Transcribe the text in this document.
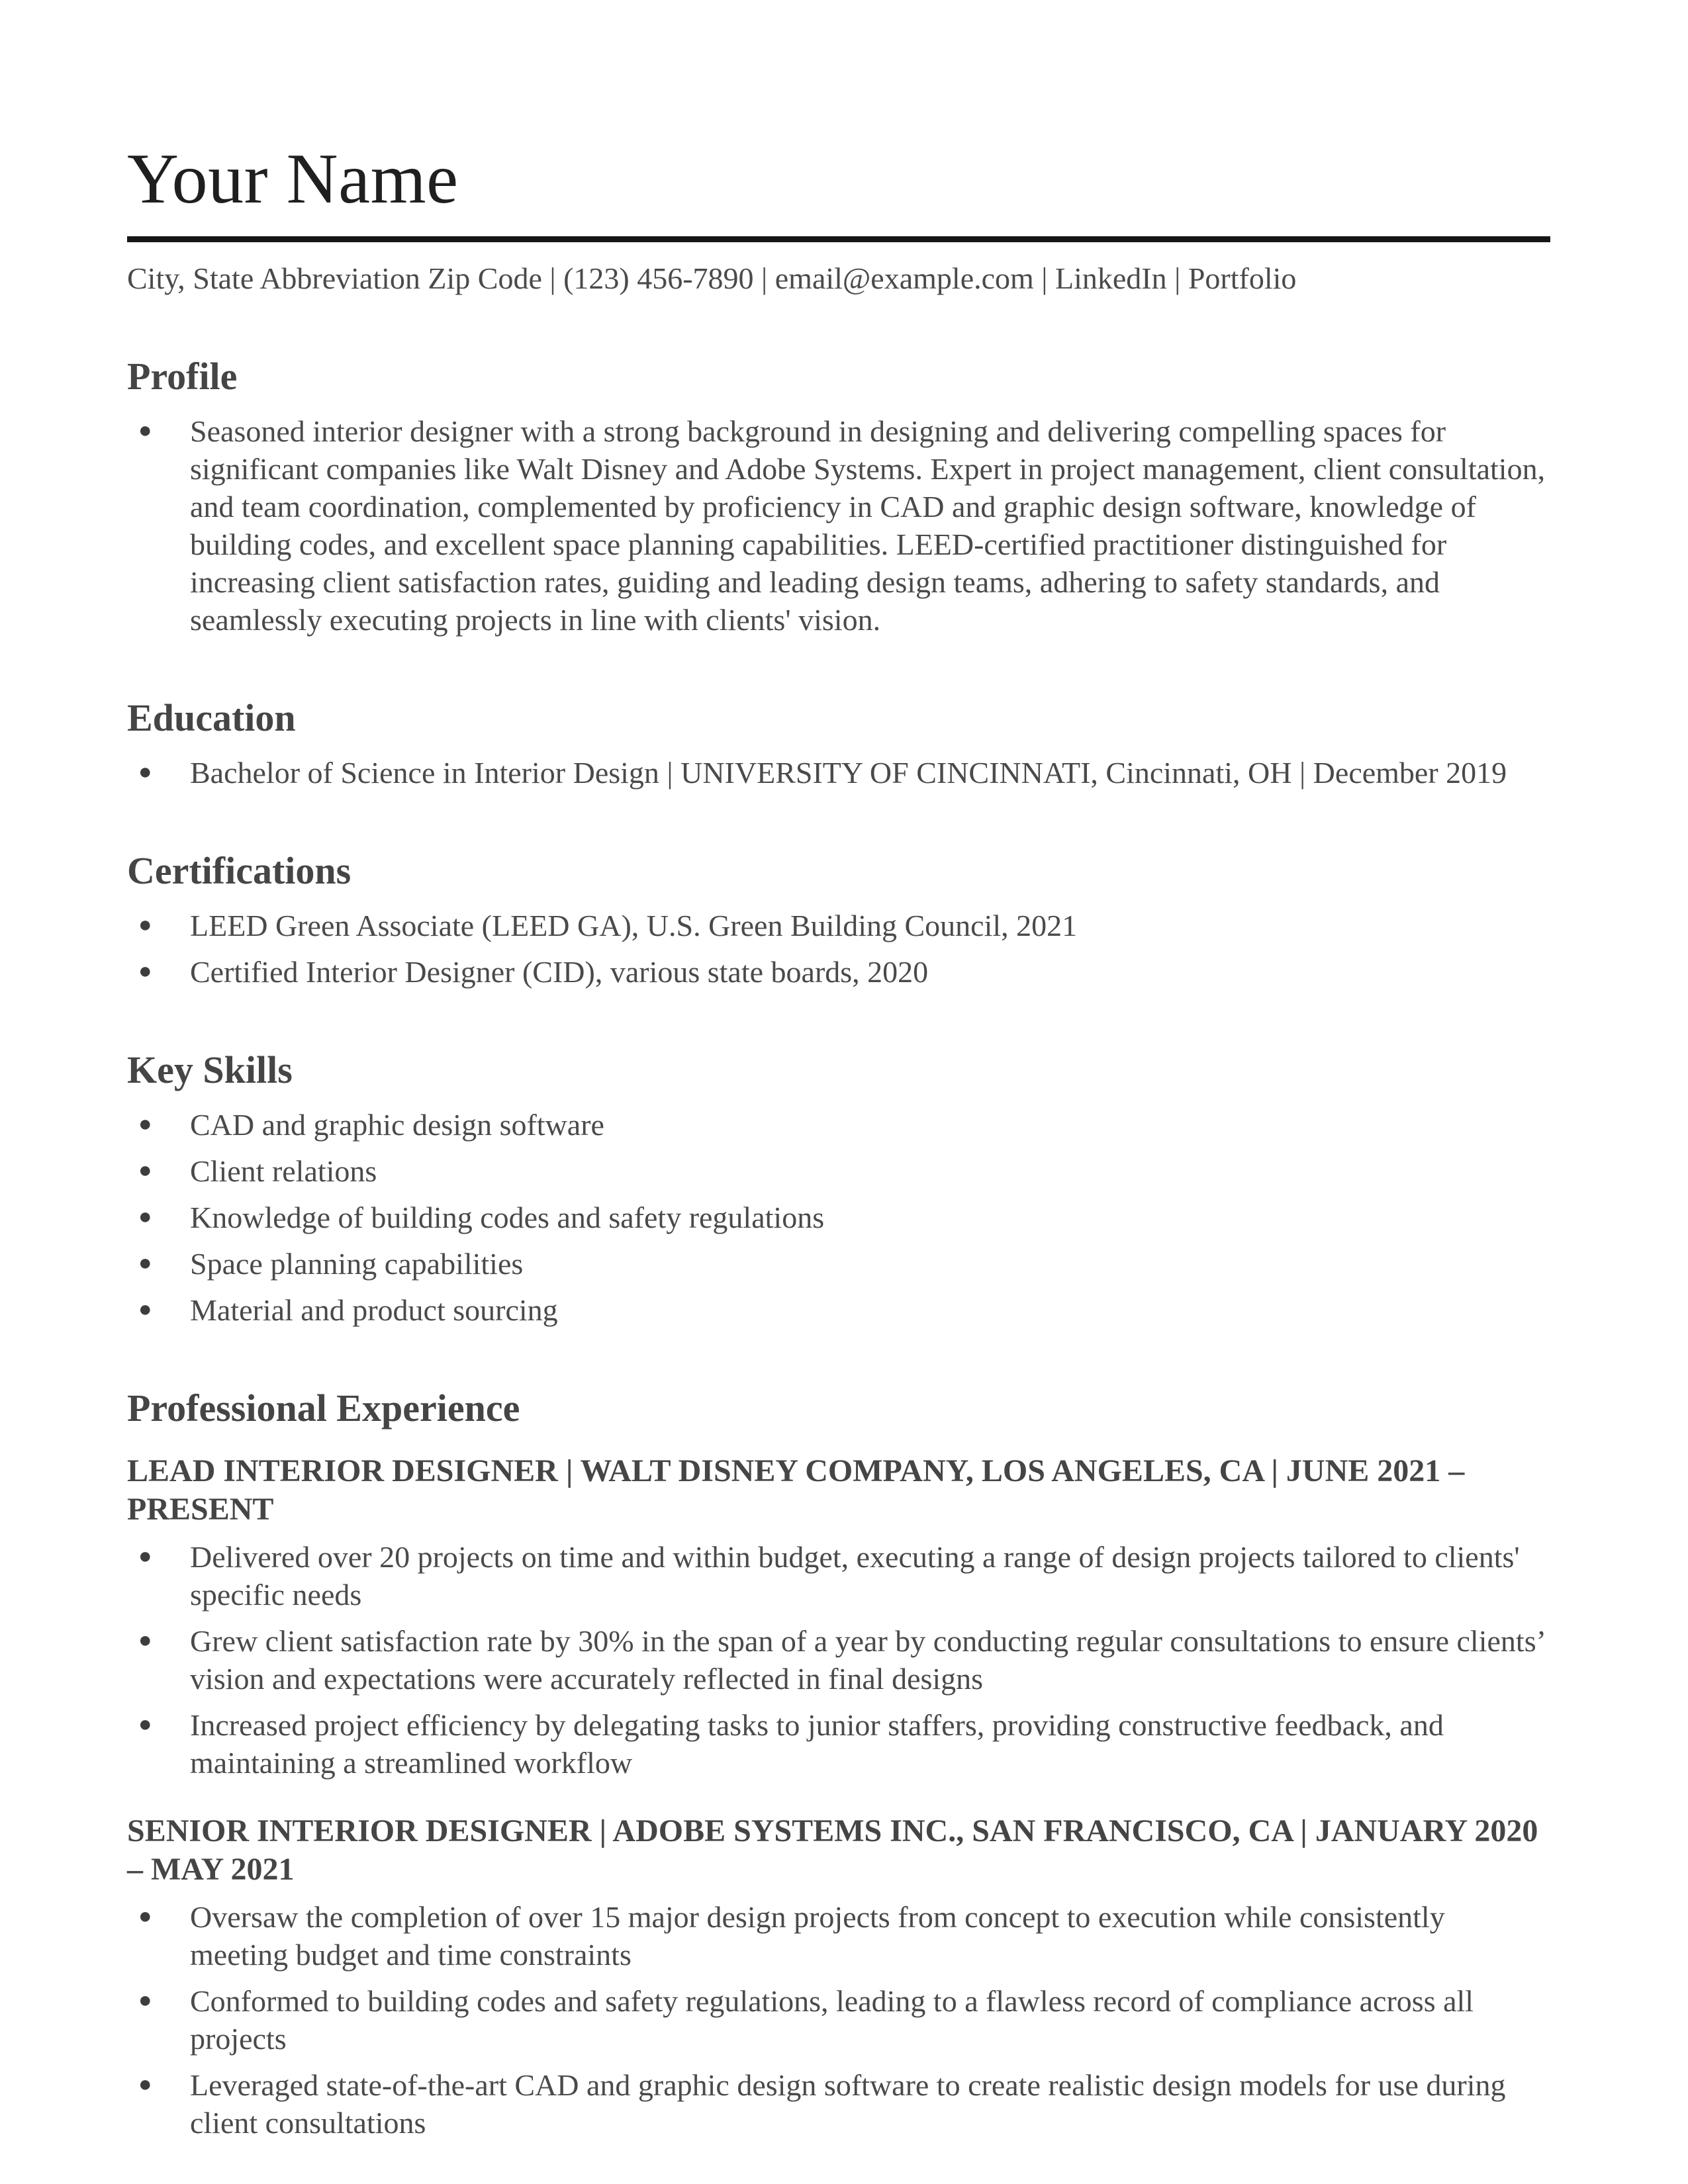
Your Name
City, State Abbreviation Zip Code | (123) 456-7890 | email@example.com | LinkedIn | Portfolio
Profile
● Seasoned interior designer with a strong background in designing and delivering compelling spaces for significant companies like Walt Disney and Adobe Systems. Expert in project management, client consultation, and team coordination, complemented by proficiency in CAD and graphic design software, knowledge of building codes, and excellent space planning capabilities. LEED-certified practitioner distinguished for increasing client satisfaction rates, guiding and leading design teams, adhering to safety standards, and seamlessly executing projects in line with clients' vision.
Education
● Bachelor of Science in Interior Design | UNIVERSITY OF CINCINNATI, Cincinnati, OH | December 2019
Certifications
● LEED Green Associate (LEED GA), U.S. Green Building Council, 2021
● Certified Interior Designer (CID), various state boards, 2020
Key Skills
● CAD and graphic design software
● Client relations
● Knowledge of building codes and safety regulations
● Space planning capabilities
● Material and product sourcing
Professional Experience
LEAD INTERIOR DESIGNER | WALT DISNEY COMPANY, LOS ANGELES, CA | JUNE 2021 – PRESENT
● Delivered over 20 projects on time and within budget, executing a range of design projects tailored to clients' specific needs
● Grew client satisfaction rate by 30% in the span of a year by conducting regular consultations to ensure clients’ vision and expectations were accurately reflected in final designs
● Increased project efficiency by delegating tasks to junior staffers, providing constructive feedback, and maintaining a streamlined workflow
SENIOR INTERIOR DESIGNER | ADOBE SYSTEMS INC., SAN FRANCISCO, CA | JANUARY 2020 – MAY 2021
● Oversaw the completion of over 15 major design projects from concept to execution while consistently meeting budget and time constraints
● Conformed to building codes and safety regulations, leading to a flawless record of compliance across all projects
● Leveraged state-of-the-art CAD and graphic design software to create realistic design models for use during client consultations
